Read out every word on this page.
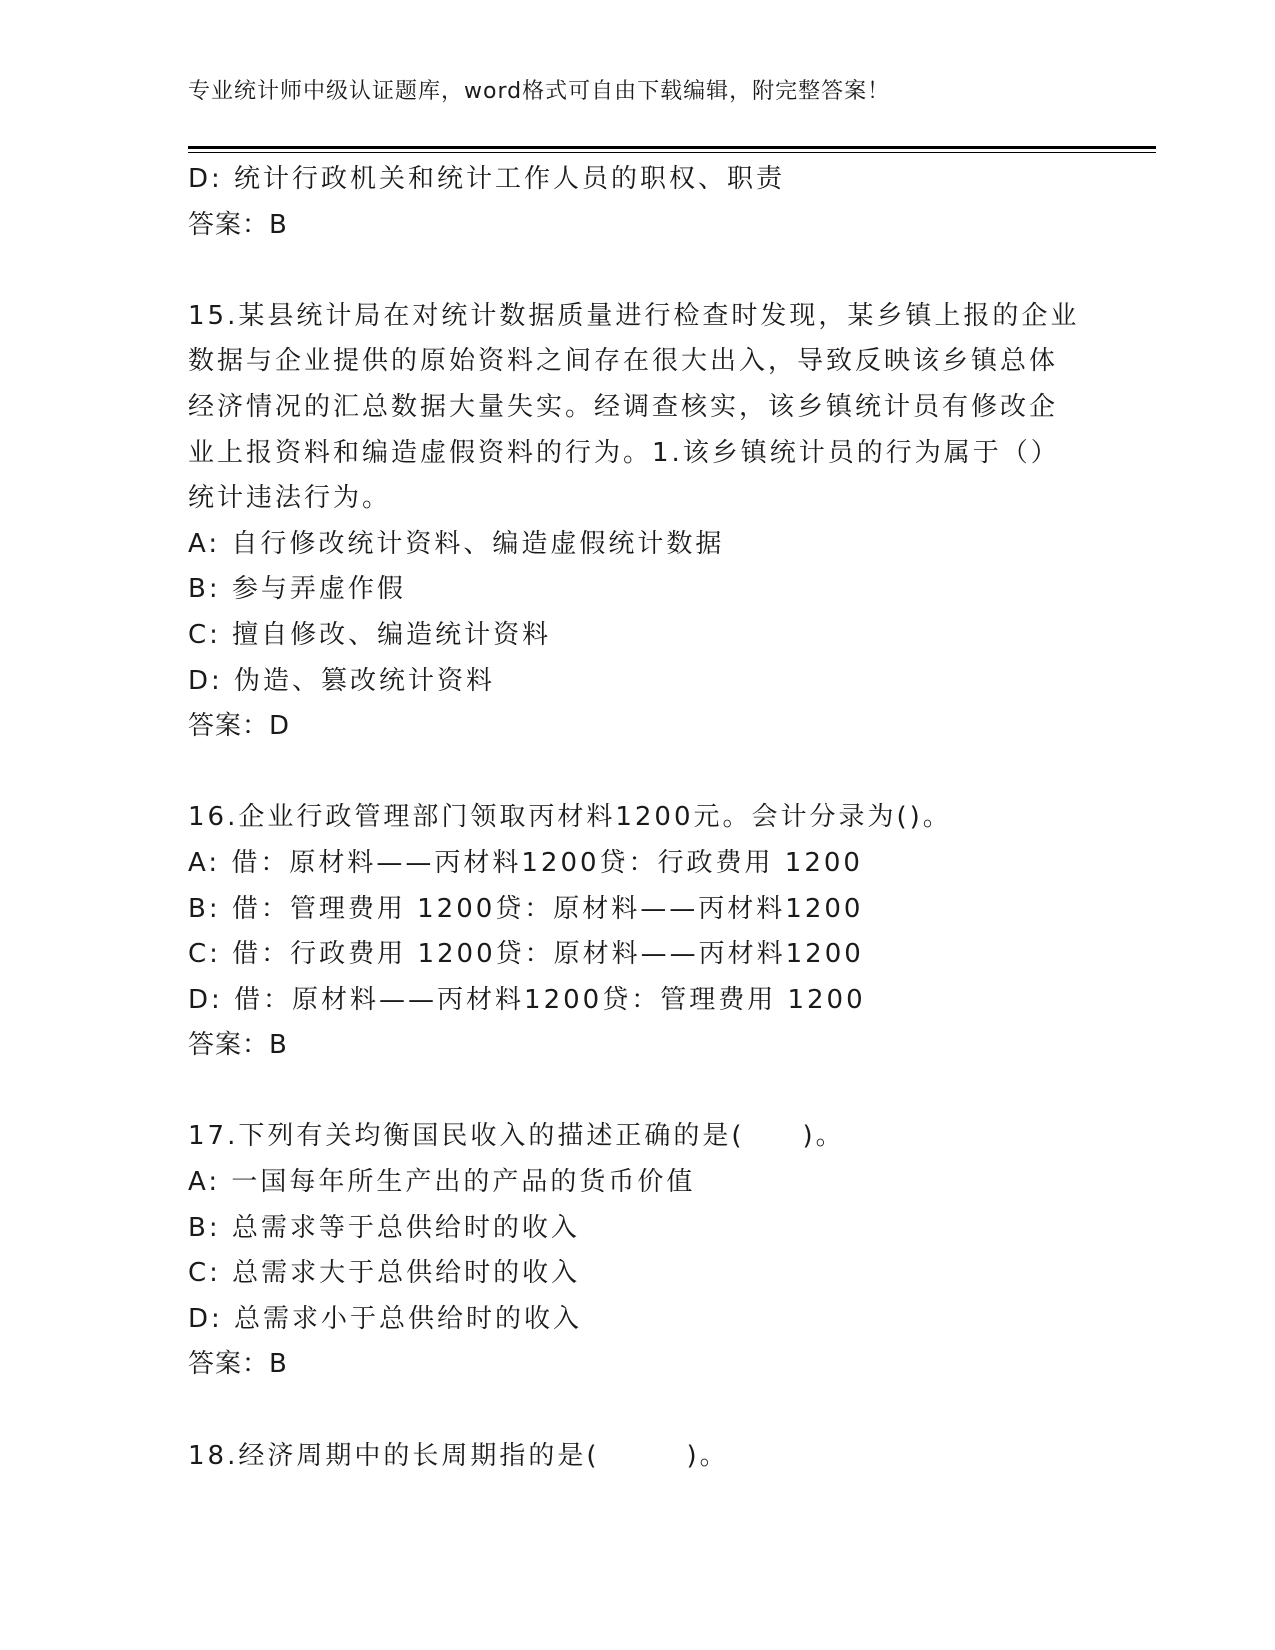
专业统计师中级认证题库，word格式可自由下载编辑，附完整答案！
D: 统计行政机关和统计工作人员的职权、职责
答案：B
15.某县统计局在对统计数据质量进行检查时发现，某乡镇上报的企业
数据与企业提供的原始资料之间存在很大出入，导致反映该乡镇总体
经济情况的汇总数据大量失实。经调查核实，该乡镇统计员有修改企
业上报资料和编造虚假资料的行为。1.该乡镇统计员的行为属于（）
统计违法行为。
A: 自行修改统计资料、编造虚假统计数据
B: 参与弄虚作假
C: 擅自修改、编造统计资料
D: 伪造、篡改统计资料
答案：D
16.企业行政管理部门领取丙材料1200元。会计分录为()。
A: 借：原材料——丙材料1200贷：行政费用 1200
B: 借：管理费用 1200贷：原材料——丙材料1200
C: 借：行政费用 1200贷：原材料——丙材料1200
D: 借：原材料——丙材料1200贷：管理费用 1200
答案：B
17.下列有关均衡国民收入的描述正确的是(　　)。
A: 一国每年所生产出的产品的货币价值
B: 总需求等于总供给时的收入
C: 总需求大于总供给时的收入
D: 总需求小于总供给时的收入
答案：B
18.经济周期中的长周期指的是(　　　)。
